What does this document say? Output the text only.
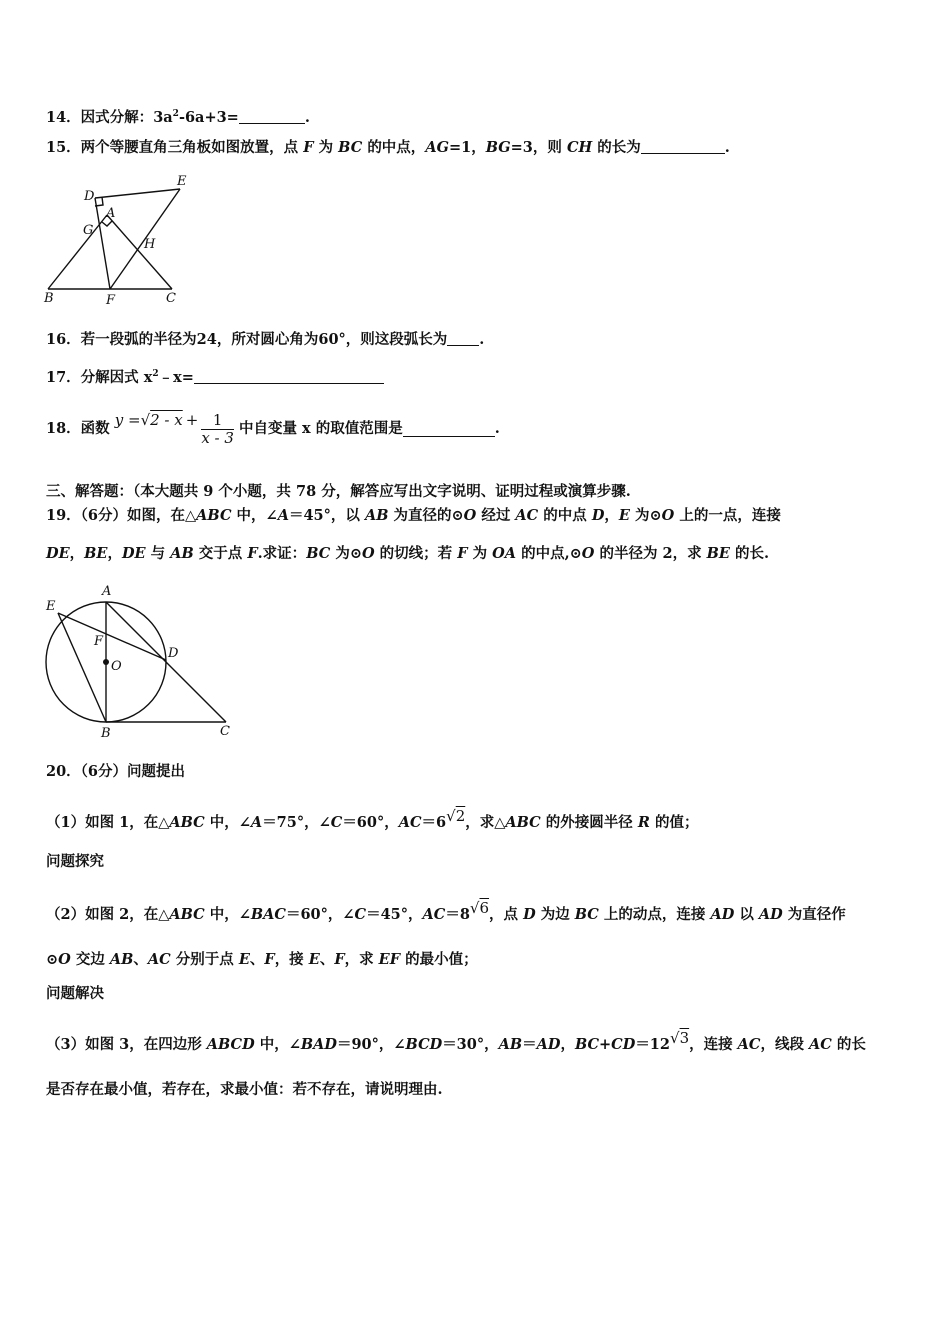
14．因式分解：$3a^2-6a+3=$	.
15．两个等腰直角三角板如图放置，点 F 为 BC 的中点，AG=1，BG=3，则 CH 的长为	.
D
E
A
G
H
B	F	C
16．若一段弧的半径为24，所对圆心角为60°，则这段弧长为 .
17．分解因式 $x^2﹣x=$
18．函数 $y =√2 - x + \frac{1}{x - 3}$ 中自变量 x 的取值范围是	.
三、解答题：（本大题共 9 个小题，共 78 分，解答应写出文字说明、证明过程或演算步骤.
19．（6分）如图，在△ABC 中，∠A＝45°，以 AB 为直径的⊙O 经过 AC 的中点 D，E 为⊙O 上的一点，连接
DE，BE，DE 与 AB 交于点 F.求证：BC 为⊙O 的切线；若 F 为 OA 的中点,⊙O 的半径为 2，求 BE 的长.
A
E
F
O
D
B	C
20．（6分）问题提出
（1）如图 1，在△ABC 中，∠A＝75°，∠C＝60°，AC＝6√2，求△ABC 的外接圆半径 R 的值；
问题探究
（2）如图 2，在△ABC 中，∠BAC＝60°，∠C＝45°，AC＝8√6，点 D 为边 BC 上的动点，连接 AD 以 AD 为直径作
⊙O 交边 AB、AC 分别于点 E、F，接 E、F，求 EF 的最小值；
问题解决
（3）如图 3，在四边形 ABCD 中，∠BAD＝90°，∠BCD＝30°，AB＝AD，BC+CD＝12√3，连接 AC，线段 AC 的长
是否存在最小值，若存在，求最小值：若不存在，请说明理由.
